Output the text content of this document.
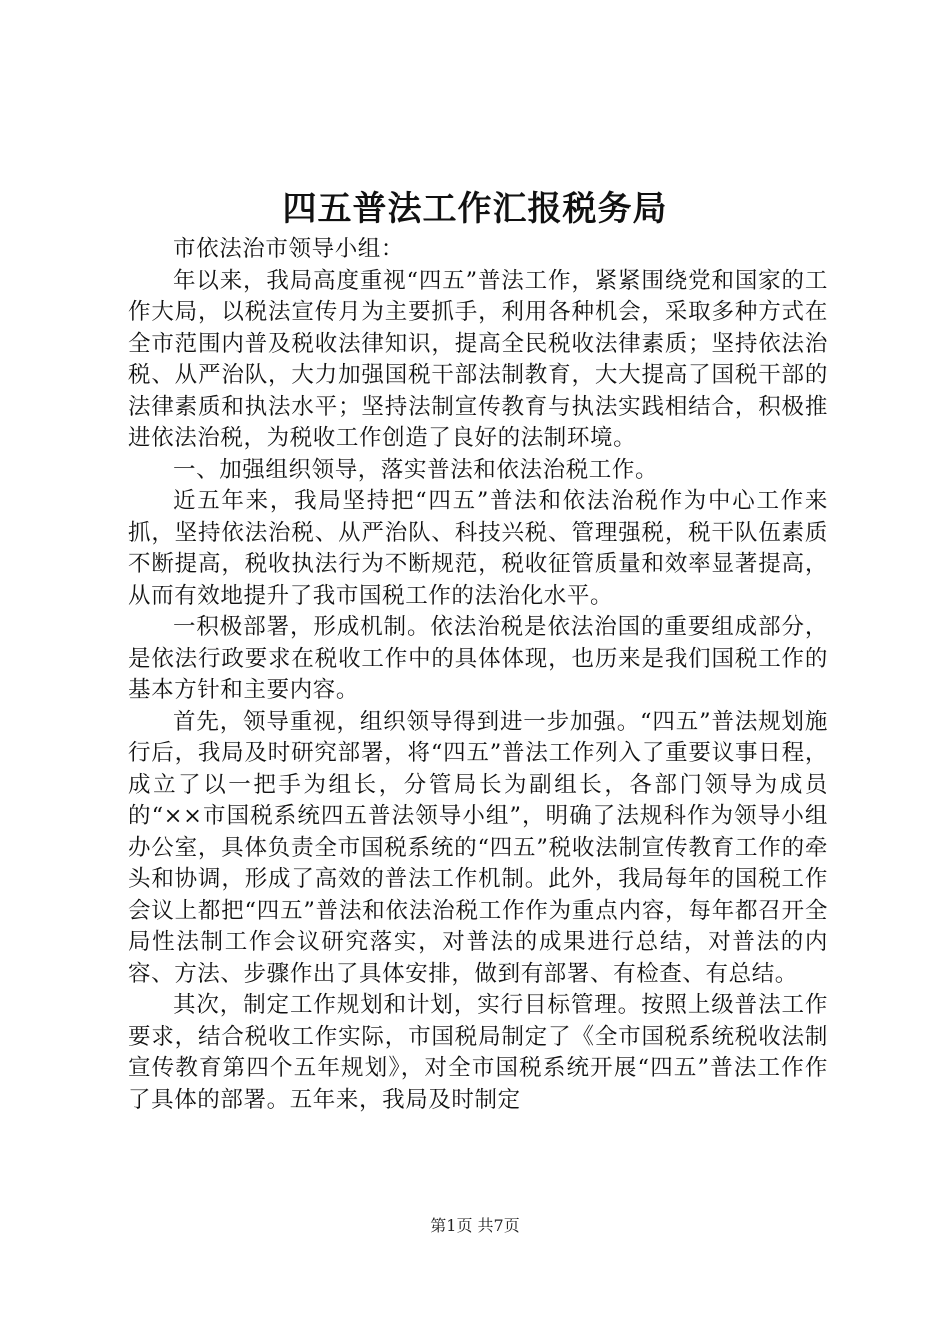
四五普法工作汇报税务局

市依法治市领导小组：

年以来，我局高度重视“四五”普法工作，紧紧围绕党和国家的工作大局，以税法宣传月为主要抓手，利用各种机会，采取多种方式在全市范围内普及税收法律知识，提高全民税收法律素质；坚持依法治税、从严治队，大力加强国税干部法制教育，大大提高了国税干部的法律素质和执法水平；坚持法制宣传教育与执法实践相结合，积极推进依法治税，为税收工作创造了良好的法制环境。

一、加强组织领导，落实普法和依法治税工作。

近五年来，我局坚持把“四五”普法和依法治税作为中心工作来抓，坚持依法治税、从严治队、科技兴税、管理强税，税干队伍素质不断提高，税收执法行为不断规范，税收征管质量和效率显著提高，从而有效地提升了我市国税工作的法治化水平。

一积极部署，形成机制。依法治税是依法治国的重要组成部分，是依法行政要求在税收工作中的具体体现，也历来是我们国税工作的基本方针和主要内容。

首先，领导重视，组织领导得到进一步加强。“四五”普法规划施行后，我局及时研究部署，将“四五”普法工作列入了重要议事日程，成立了以一把手为组长，分管局长为副组长，各部门领导为成员的“××市国税系统四五普法领导小组”，明确了法规科作为领导小组办公室，具体负责全市国税系统的“四五”税收法制宣传教育工作的牵头和协调，形成了高效的普法工作机制。此外，我局每年的国税工作会议上都把“四五”普法和依法治税工作作为重点内容，每年都召开全局性法制工作会议研究落实，对普法的成果进行总结，对普法的内容、方法、步骤作出了具体安排，做到有部署、有检查、有总结。

其次，制定工作规划和计划，实行目标管理。按照上级普法工作要求，结合税收工作实际，市国税局制定了《全市国税系统税收法制宣传教育第四个五年规划》，对全市国税系统开展“四五”普法工作作了具体的部署。五年来，我局及时制定

第1页 共7页
